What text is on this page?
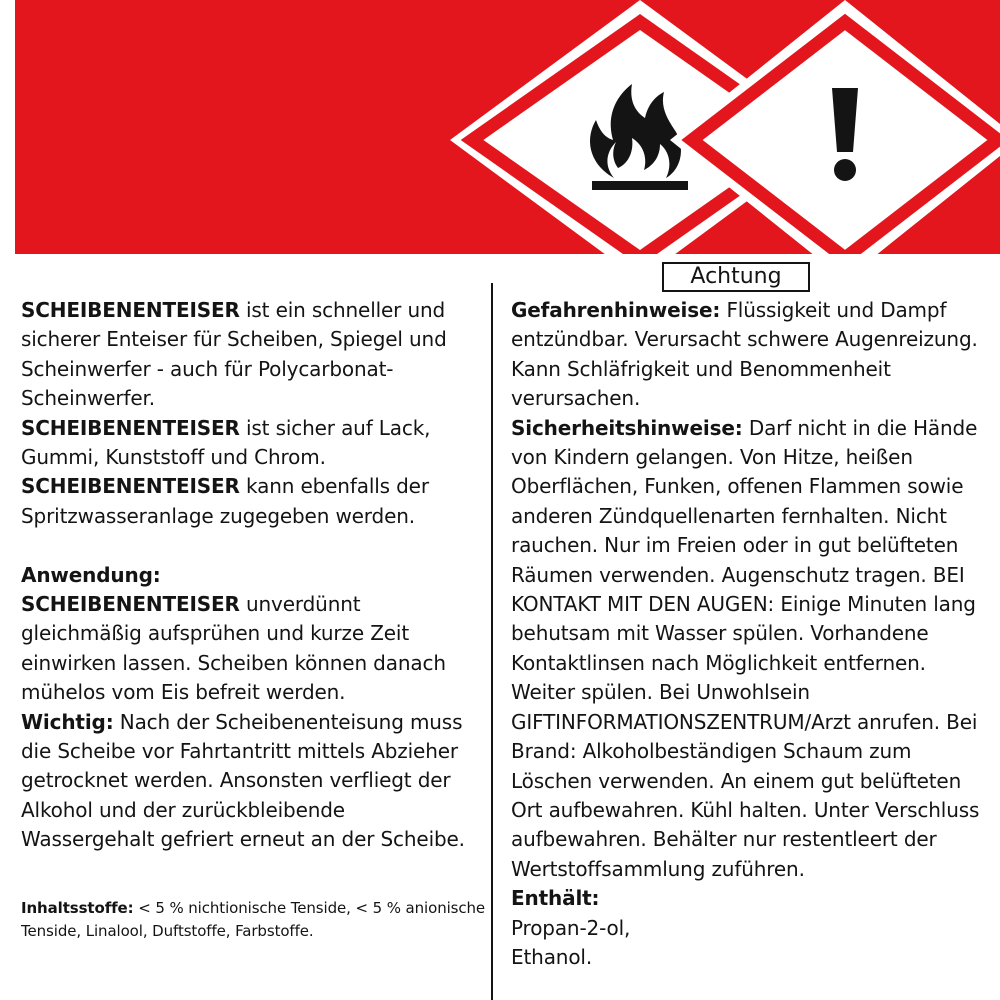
Achtung

SCHEIBENENTEISER ist ein schneller und sicherer Enteiser für Scheiben, Spiegel und Scheinwerfer - auch für Polycarbonat-Scheinwerfer.

SCHEIBENENTEISER ist sicher auf Lack, Gummi, Kunststoff und Chrom.

SCHEIBENENTEISER kann ebenfalls der Spritzwasseranlage zugegeben werden.

Anwendung:

SCHEIBENENTEISER unverdünnt gleichmäßig aufsprühen und kurze Zeit einwirken lassen. Scheiben können danach mühelos vom Eis befreit werden.

Wichtig: Nach der Scheibenenteisung muss die Scheibe vor Fahrtantritt mittels Abzieher getrocknet werden. Ansonsten verfliegt der Alkohol und der zurückbleibende Wassergehalt gefriert erneut an der Scheibe.

Inhaltsstoffe: < 5 % nichtionische Tenside, < 5 % anionische Tenside, Linalool, Duftstoffe, Farbstoffe.

Gefahrenhinweise: Flüssigkeit und Dampf entzündbar. Verursacht schwere Augenreizung. Kann Schläfrigkeit und Benommenheit verursachen.

Sicherheitshinweise: Darf nicht in die Hände von Kindern gelangen. Von Hitze, heißen Oberflächen, Funken, offenen Flammen sowie anderen Zündquellenarten fernhalten. Nicht rauchen. Nur im Freien oder in gut belüfteten Räumen verwenden. Augenschutz tragen. BEI KONTAKT MIT DEN AUGEN: Einige Minuten lang behutsam mit Wasser spülen. Vorhandene Kontaktlinsen nach Möglichkeit entfernen. Weiter spülen. Bei Unwohlsein GIFTINFORMATIONSZENTRUM/Arzt anrufen. Bei Brand: Alkoholbeständigen Schaum zum Löschen verwenden. An einem gut belüfteten Ort aufbewahren. Kühl halten. Unter Verschluss aufbewahren. Behälter nur restentleert der Wertstoffsammlung zuführen.

Enthält:

Propan-2-ol,

Ethanol.
